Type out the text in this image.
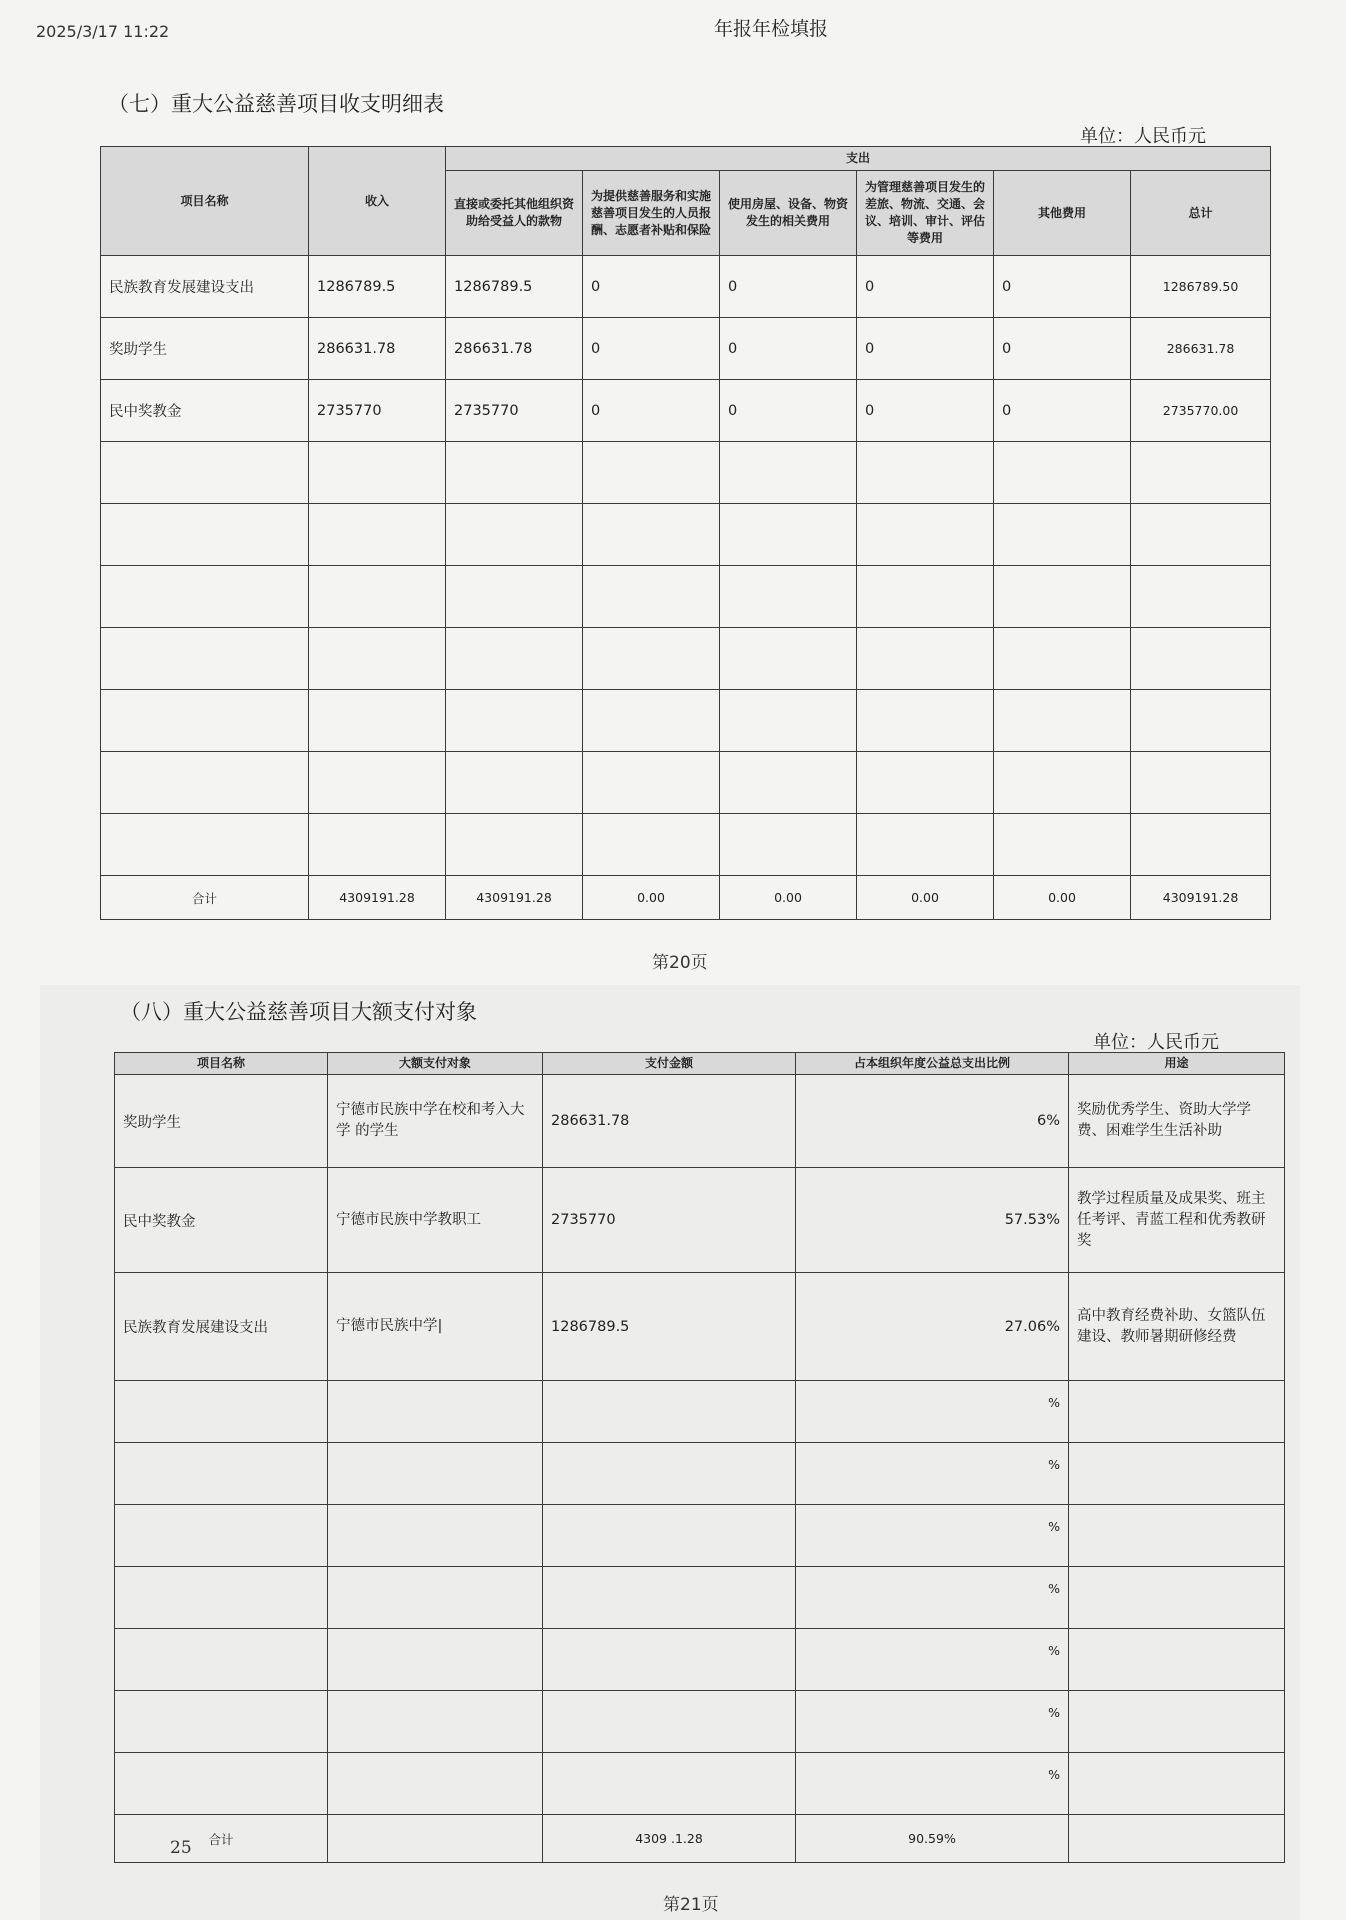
2025/3/17 11:22	年报年检填报
（七）重大公益慈善项目收支明细表
单位：人民币元
项目名称	收入	支出					
		直接或委托其他组织资助给受益人的款物	为提供慈善服务和实施慈善项目发生的人员报酬、志愿者补贴和保险	使用房屋、设备、物资发生的相关费用	为管理慈善项目发生的差旅、物流、交通、会议、培训、审计、评估等费用	其他费用	总计
民族教育发展建设支出	1286789.5	1286789.5	0	0	0	0	1286789.50
奖助学生	286631.78	286631.78	0	0	0	0	286631.78
民中奖教金	2735770	2735770	0	0	0	0	2735770.00

合计	4309191.28	4309191.28	0.00	0.00	0.00	0.00	4309191.28
第20页
（八）重大公益慈善项目大额支付对象
单位：人民币元
项目名称	大额支付对象	支付金额	占本组织年度公益总支出比例	用途
奖助学生	宁德市民族中学在校和考入大学 的学生	286631.78	6%	奖励优秀学生、资助大学学费、困难学生生活补助
民中奖教金	宁德市民族中学教职工	2735770	57.53%	教学过程质量及成果奖、班主任考评、青蓝工程和优秀教研奖
民族教育发展建设支出	宁德市民族中学|	1286789.5	27.06%	高中教育经费补助、女篮队伍建设、教师暑期研修经费
			%	
			%	
			%	
			%	
			%	
			%	
			%	
合计		4309 .1.28	90.59%	
25
第21页
